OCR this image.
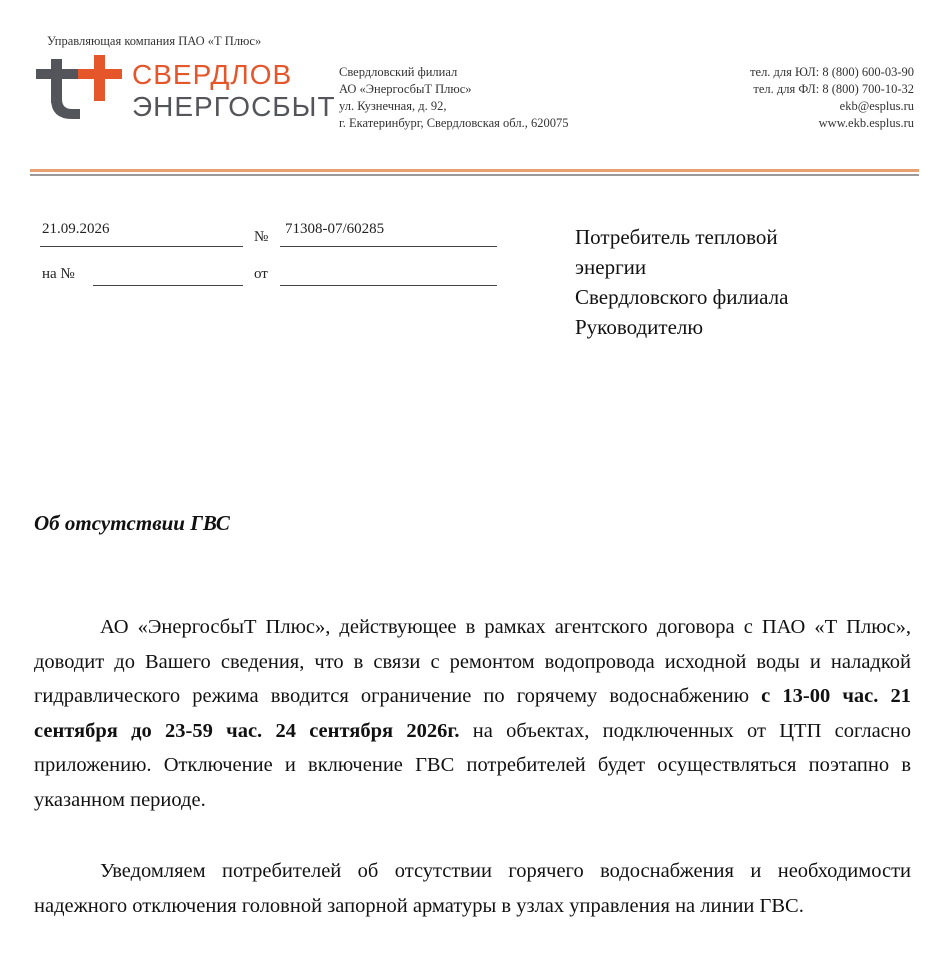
Управляющая компания ПАО «Т Плюс»
СВЕРДЛОВ
ЭНЕРГОСБЫТ
Свердловский филиал
АО «ЭнергосбыТ Плюс»
ул. Кузнечная, д. 92,
г. Екатеринбург, Свердловская обл., 620075
тел. для ЮЛ: 8 (800) 600-03-90
тел. для ФЛ: 8 (800) 700-10-32
ekb@esplus.ru
www.ekb.esplus.ru
21.09.2026	№ 71308-07/60285
на №	от
Потребитель тепловой
энергии
Свердловского филиала
Руководителю
Об отсутствии ГВС
АО «ЭнергосбыТ Плюс», действующее в рамках агентского договора с ПАО «Т Плюс», доводит до Вашего сведения, что в связи с ремонтом водопровода исходной воды и наладкой гидравлического режима вводится ограничение по горячему водоснабжению с 13-00 час. 21 сентября до 23-59 час. 24 сентября 2026г. на объектах, подключенных от ЦТП согласно приложению. Отключение и включение ГВС потребителей будет осуществляться поэтапно в указанном периоде.
Уведомляем потребителей об отсутствии горячего водоснабжения и необходимости надежного отключения головной запорной арматуры в узлах управления на линии ГВС.
